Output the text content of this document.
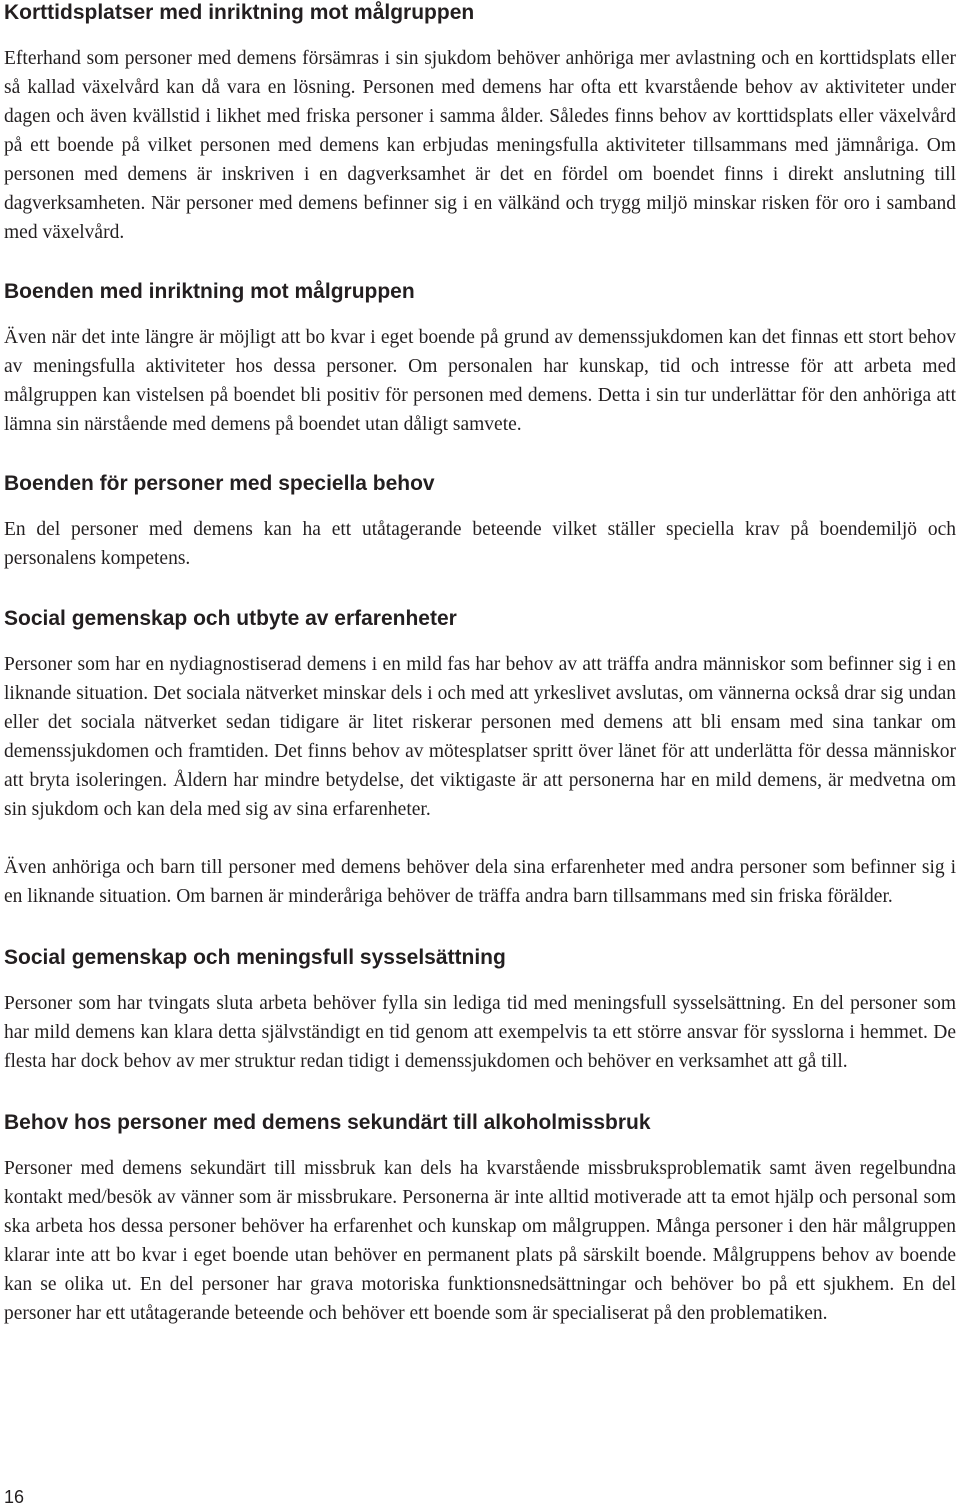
Korttidsplatser med inriktning mot målgruppen

Efterhand som personer med demens försämras i sin sjukdom behöver anhöriga mer avlastning och en korttidsplats eller så kallad växelvård kan då vara en lösning. Personen med demens har ofta ett kvarstående behov av aktiviteter under dagen och även kvällstid i likhet med friska personer i samma ålder. Således finns behov av korttidsplats eller växelvård på ett boende på vilket personen med demens kan erbjudas meningsfulla aktiviteter tillsammans med jämnåriga. Om personen med demens är inskriven i en dagverksamhet är det en fördel om boendet finns i direkt anslutning till dagverksamheten. När personer med demens befinner sig i en välkänd och trygg miljö minskar risken för oro i samband med växelvård.

Boenden med inriktning mot målgruppen

Även när det inte längre är möjligt att bo kvar i eget boende på grund av demenssjukdomen kan det finnas ett stort behov av meningsfulla aktiviteter hos dessa personer. Om personalen har kunskap, tid och intresse för att arbeta med målgruppen kan vistelsen på boendet bli positiv för personen med demens. Detta i sin tur underlättar för den anhöriga att lämna sin närstående med demens på boendet utan dåligt samvete.

Boenden för personer med speciella behov

En del personer med demens kan ha ett utåtagerande beteende vilket ställer speciella krav på boendemiljö och personalens kompetens.

Social gemenskap och utbyte av erfarenheter

Personer som har en nydiagnostiserad demens i en mild fas har behov av att träffa andra människor som befinner sig i en liknande situation. Det sociala nätverket minskar dels i och med att yrkeslivet avslutas, om vännerna också drar sig undan eller det sociala nätverket sedan tidigare är litet riskerar personen med demens att bli ensam med sina tankar om demenssjukdomen och framtiden. Det finns behov av mötesplatser spritt över länet för att underlätta för dessa människor att bryta isoleringen. Åldern har mindre betydelse, det viktigaste är att personerna har en mild demens, är medvetna om sin sjukdom och kan dela med sig av sina erfarenheter.

Även anhöriga och barn till personer med demens behöver dela sina erfarenheter med andra personer som befinner sig i en liknande situation. Om barnen är minderåriga behöver de träffa andra barn tillsammans med sin friska förälder.

Social gemenskap och meningsfull sysselsättning

Personer som har tvingats sluta arbeta behöver fylla sin lediga tid med meningsfull sysselsättning. En del personer som har mild demens kan klara detta självständigt en tid genom att exempelvis ta ett större ansvar för sysslorna i hemmet. De flesta har dock behov av mer struktur redan tidigt i demenssjukdomen och behöver en verksamhet att gå till.

Behov hos personer med demens sekundärt till alkoholmissbruk

Personer med demens sekundärt till missbruk kan dels ha kvarstående missbruksproblematik samt även regelbundna kontakt med/besök av vänner som är missbrukare. Personerna är inte alltid motiverade att ta emot hjälp och personal som ska arbeta hos dessa personer behöver ha erfarenhet och kunskap om målgruppen. Många personer i den här målgruppen klarar inte att bo kvar i eget boende utan behöver en permanent plats på särskilt boende. Målgruppens behov av boende kan se olika ut. En del personer har grava motoriska funktionsnedsättningar och behöver bo på ett sjukhem. En del personer har ett utåtagerande beteende och behöver ett boende som är specialiserat på den problematiken.

16
